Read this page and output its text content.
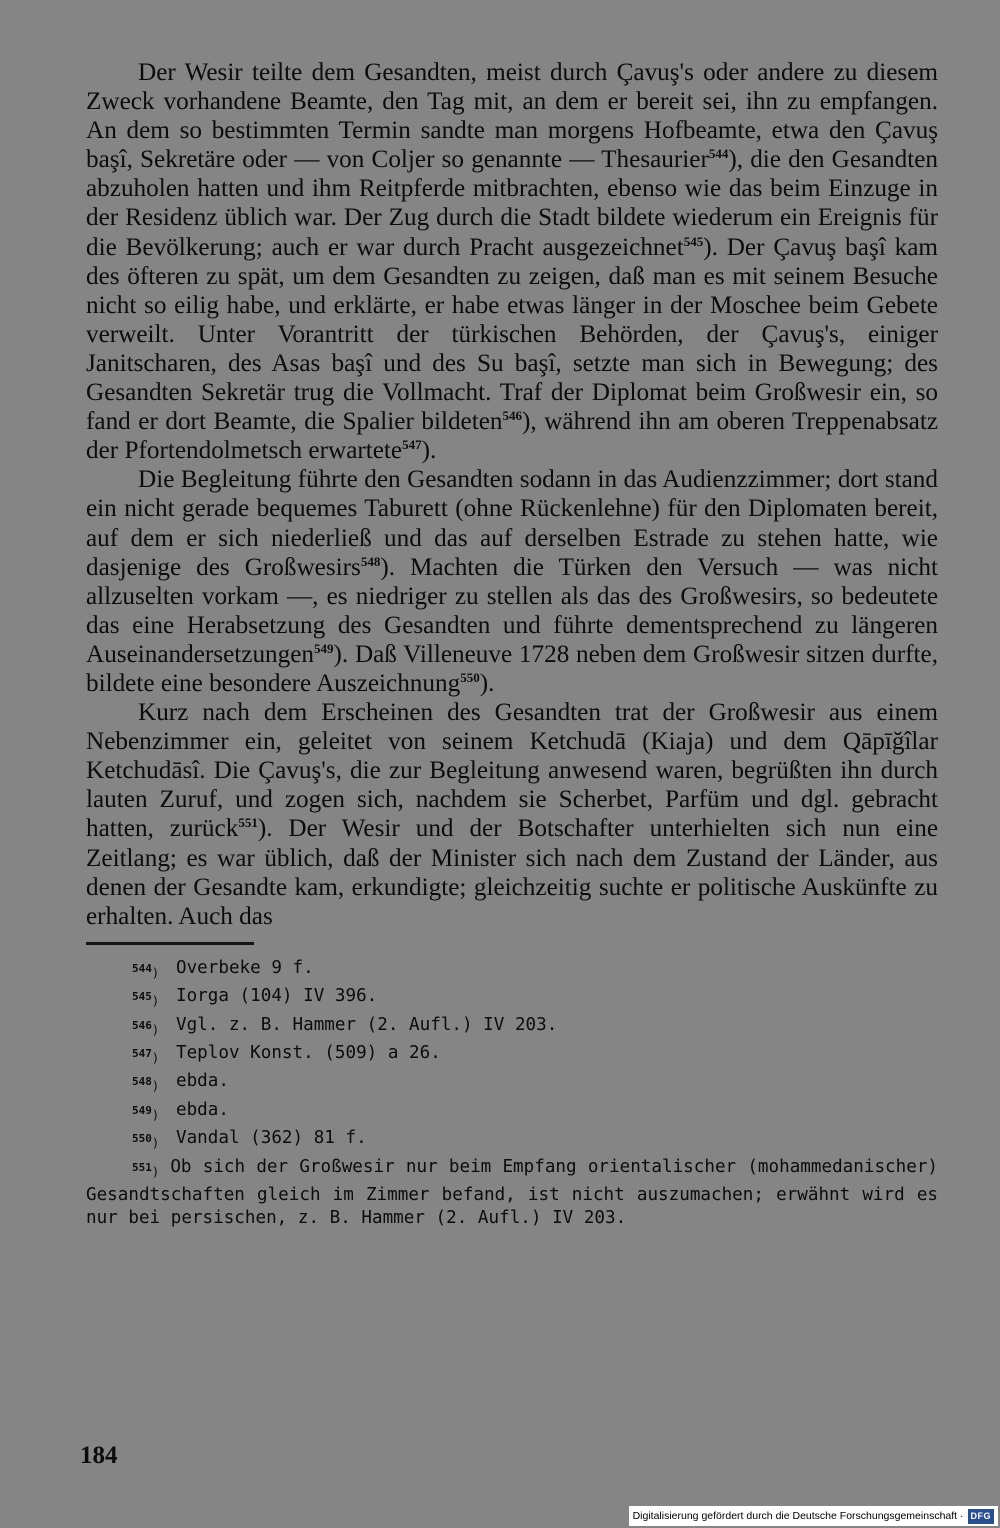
Der Wesir teilte dem Gesandten, meist durch Çavuş's oder andere zu diesem Zweck vorhandene Beamte, den Tag mit, an dem er bereit sei, ihn zu empfangen. An dem so bestimmten Termin sandte man morgens Hofbeamte, etwa den Çavuş başî, Sekretäre oder — von Coljer so genannte — Thesaurier$^{544}$), die den Gesandten abzuholen hatten und ihm Reitpferde mitbrachten, ebenso wie das beim Einzuge in der Residenz üblich war. Der Zug durch die Stadt bildete wiederum ein Ereignis für die Bevölkerung; auch er war durch Pracht ausgezeichnet$^{545}$). Der Çavuş başî kam des öfteren zu spät, um dem Gesandten zu zeigen, daß man es mit seinem Besuche nicht so eilig habe, und erklärte, er habe etwas länger in der Moschee beim Gebete verweilt. Unter Vorantritt der türkischen Behörden, der Çavuş's, einiger Janitscharen, des Asas başî und des Su başî, setzte man sich in Bewegung; des Gesandten Sekretär trug die Vollmacht. Traf der Diplomat beim Großwesir ein, so fand er dort Beamte, die Spalier bildeten$^{546}$), während ihn am oberen Treppenabsatz der Pfortendolmetsch erwartete$^{547}$).

Die Begleitung führte den Gesandten sodann in das Audienzzimmer; dort stand ein nicht gerade bequemes Taburett (ohne Rückenlehne) für den Diplomaten bereit, auf dem er sich niederließ und das auf derselben Estrade zu stehen hatte, wie dasjenige des Großwesirs$^{548}$). Machten die Türken den Versuch — was nicht allzuselten vorkam —, es niedriger zu stellen als das des Großwesirs, so bedeutete das eine Herabsetzung des Gesandten und führte dementsprechend zu längeren Auseinandersetzungen$^{549}$). Daß Villeneuve 1728 neben dem Großwesir sitzen durfte, bildete eine besondere Auszeichnung$^{550}$).

Kurz nach dem Erscheinen des Gesandten trat der Großwesir aus einem Nebenzimmer ein, geleitet von seinem Ketchudā (Kiaja) und dem Qāpīğîlar Ketchudāsî. Die Çavuş's, die zur Begleitung anwesend waren, begrüßten ihn durch lauten Zuruf, und zogen sich, nachdem sie Scherbet, Parfüm und dgl. gebracht hatten, zurück$^{551}$). Der Wesir und der Botschafter unterhielten sich nun eine Zeitlang; es war üblich, daß der Minister sich nach dem Zustand der Länder, aus denen der Gesandte kam, erkundigte; gleichzeitig suchte er politische Auskünfte zu erhalten. Auch das

$^{544}$) Overbeke 9 f.
$^{545}$) Iorga (104) IV 396.
$^{546}$) Vgl. z. B. Hammer (2. Aufl.) IV 203.
$^{547}$) Teplov Konst. (509) a 26.
$^{548}$) ebda.
$^{549}$) ebda.
$^{550}$) Vandal (362) 81 f.
$^{551}$) Ob sich der Großwesir nur beim Empfang orientalischer (mohammedanischer) Gesandtschaften gleich im Zimmer befand, ist nicht auszumachen; erwähnt wird es nur bei persischen, z. B. Hammer (2. Aufl.) IV 203.
184
Digitalisierung gefördert durch die Deutsche Forschungsgemeinschaft · DFG
